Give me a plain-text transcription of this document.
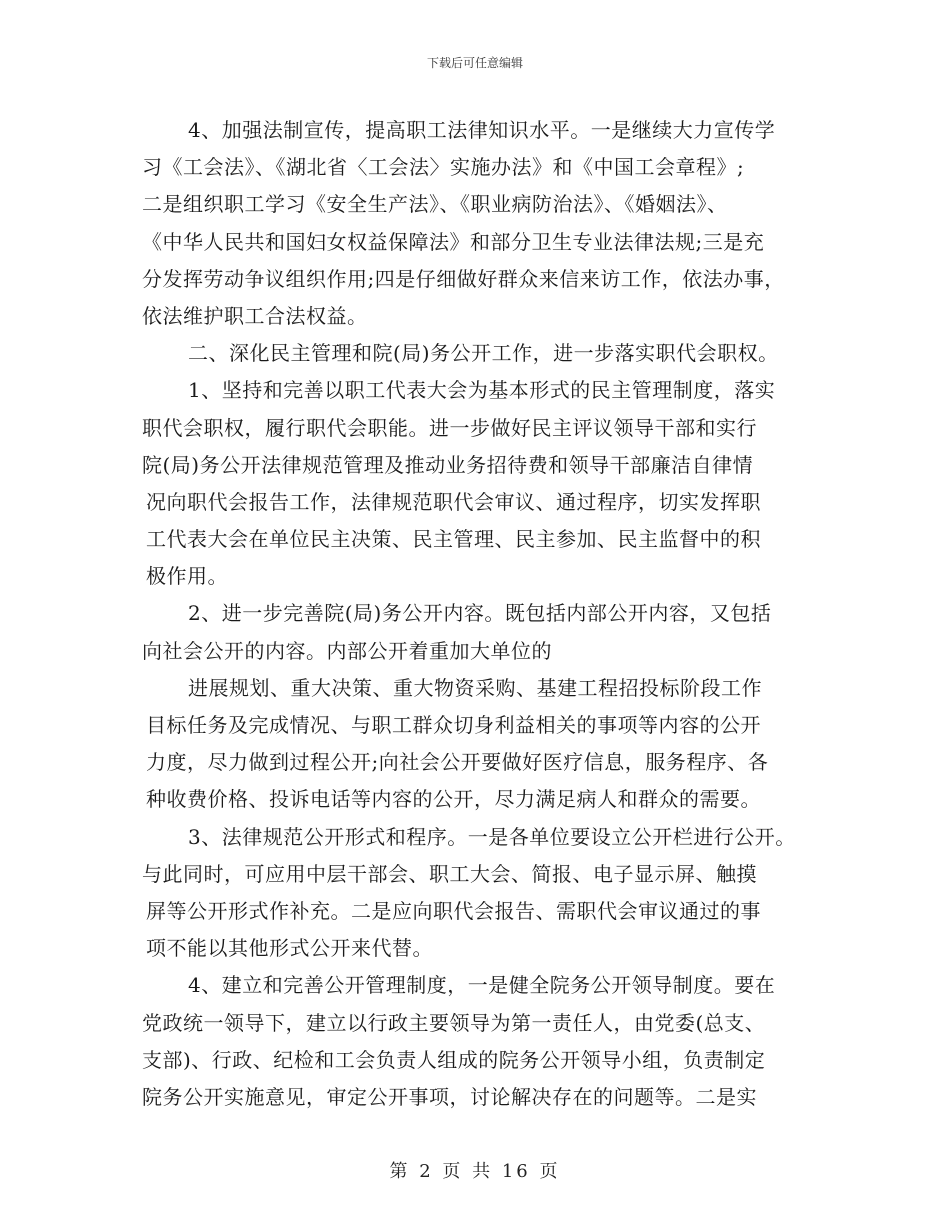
下载后可任意编辑
4、加强法制宣传，提高职工法律知识水平。一是继续大力宣传学
习《工会法》、《湖北省〈工会法〉实施办法》和《中国工会章程》;
二是组织职工学习《安全生产法》、《职业病防治法》、《婚姻法》、
《中华人民共和国妇女权益保障法》和部分卫生专业法律法规;三是充
分发挥劳动争议组织作用;四是仔细做好群众来信来访工作，依法办事，
依法维护职工合法权益。
二、深化民主管理和院(局)务公开工作，进一步落实职代会职权。
1、坚持和完善以职工代表大会为基本形式的民主管理制度，落实
职代会职权，履行职代会职能。进一步做好民主评议领导干部和实行
院(局)务公开法律规范管理及推动业务招待费和领导干部廉洁自律情
况向职代会报告工作，法律规范职代会审议、通过程序，切实发挥职
工代表大会在单位民主决策、民主管理、民主参加、民主监督中的积
极作用。
2、进一步完善院(局)务公开内容。既包括内部公开内容，又包括
向社会公开的内容。内部公开着重加大单位的
进展规划、重大决策、重大物资采购、基建工程招投标阶段工作
目标任务及完成情况、与职工群众切身利益相关的事项等内容的公开
力度，尽力做到过程公开;向社会公开要做好医疗信息，服务程序、各
种收费价格、投诉电话等内容的公开，尽力满足病人和群众的需要。
3、法律规范公开形式和程序。一是各单位要设立公开栏进行公开。
与此同时，可应用中层干部会、职工大会、简报、电子显示屏、触摸
屏等公开形式作补充。二是应向职代会报告、需职代会审议通过的事
项不能以其他形式公开来代替。
4、建立和完善公开管理制度，一是健全院务公开领导制度。要在
党政统一领导下，建立以行政主要领导为第一责任人，由党委(总支、
支部)、行政、纪检和工会负责人组成的院务公开领导小组，负责制定
院务公开实施意见，审定公开事项，讨论解决存在的问题等。二是实
第 2 页 共 16 页
